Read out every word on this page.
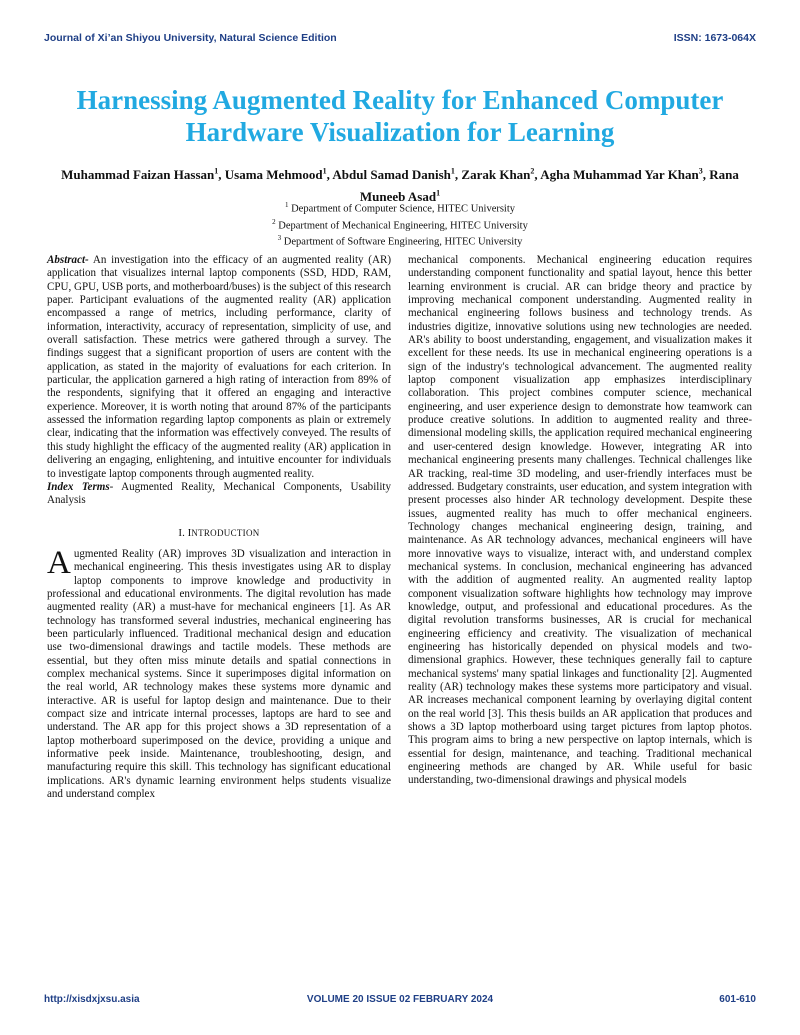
Journal of Xi’an Shiyou University, Natural Science Edition	ISSN: 1673-064X
Harnessing Augmented Reality for Enhanced Computer Hardware Visualization for Learning
Muhammad Faizan Hassan$^1$, Usama Mehmood$^1$, Abdul Samad Danish$^1$, Zarak Khan$^2$, Agha Muhammad Yar Khan$^3$, Rana Muneeb Asad$^1$
$^1$ Department of Computer Science, HITEC University
$^2$ Department of Mechanical Engineering, HITEC University
$^3$ Department of Software Engineering, HITEC University

Abstract- An investigation into the efficacy of an augmented reality (AR) application that visualizes internal laptop components (SSD, HDD, RAM, CPU, GPU, USB ports, and motherboard/buses) is the subject of this research paper. Participant evaluations of the augmented reality (AR) application encompassed a range of metrics, including performance, clarity of information, interactivity, accuracy of representation, simplicity of use, and overall satisfaction. These metrics were gathered through a survey. The findings suggest that a significant proportion of users are content with the application, as stated in the majority of evaluations for each criterion. In particular, the application garnered a high rating of interaction from 89% of the respondents, signifying that it offered an engaging and interactive experience. Moreover, it is worth noting that around 87% of the participants assessed the information regarding laptop components as plain or extremely clear, indicating that the information was effectively conveyed. The results of this study highlight the efficacy of the augmented reality (AR) application in delivering an engaging, enlightening, and intuitive encounter for individuals to investigate laptop components through augmented reality.

Index Terms- Augmented Reality, Mechanical Components, Usability Analysis

I. INTRODUCTION

Augmented Reality (AR) improves 3D visualization and interaction in mechanical engineering. This thesis investigates using AR to display laptop components to improve knowledge and productivity in professional and educational environments. The digital revolution has made augmented reality (AR) a must-have for mechanical engineers [1]. As AR technology has transformed several industries, mechanical engineering has been particularly influenced. Traditional mechanical design and education use two-dimensional drawings and tactile models. These methods are essential, but they often miss minute details and spatial connections in complex mechanical systems. Since it superimposes digital information on the real world, AR technology makes these systems more dynamic and interactive. AR is useful for laptop design and maintenance. Due to their compact size and intricate internal processes, laptops are hard to see and understand. The AR app for this project shows a 3D representation of a laptop motherboard superimposed on the device, providing a unique and informative peek inside. Maintenance, troubleshooting, design, and manufacturing require this skill. This technology has significant educational implications. AR's dynamic learning environment helps students visualize and understand complex

mechanical components. Mechanical engineering education requires understanding component functionality and spatial layout, hence this better learning environment is crucial. AR can bridge theory and practice by improving mechanical component understanding. Augmented reality in mechanical engineering follows business and technology trends. As industries digitize, innovative solutions using new technologies are needed. AR's ability to boost understanding, engagement, and visualization makes it excellent for these needs. Its use in mechanical engineering operations is a sign of the industry's technological advancement. The augmented reality laptop component visualization app emphasizes interdisciplinary collaboration. This project combines computer science, mechanical engineering, and user experience design to demonstrate how teamwork can produce creative solutions. In addition to augmented reality and three-dimensional modeling skills, the application required mechanical engineering and user-centered design knowledge. However, integrating AR into mechanical engineering presents many challenges. Technical challenges like AR tracking, real-time 3D modeling, and user-friendly interfaces must be addressed. Budgetary constraints, user education, and system integration with present processes also hinder AR technology development. Despite these issues, augmented reality has much to offer mechanical engineers. Technology changes mechanical engineering design, training, and maintenance. As AR technology advances, mechanical engineers will have more innovative ways to visualize, interact with, and understand complex mechanical systems. In conclusion, mechanical engineering has advanced with the addition of augmented reality. An augmented reality laptop component visualization software highlights how technology may improve knowledge, output, and professional and educational procedures. As the digital revolution transforms businesses, AR is crucial for mechanical engineering efficiency and creativity. The visualization of mechanical engineering has historically depended on physical models and two-dimensional graphics. However, these techniques generally fail to capture mechanical systems' many spatial linkages and functionality [2]. Augmented reality (AR) technology makes these systems more participatory and visual. AR increases mechanical component learning by overlaying digital content on the real world [3]. This thesis builds an AR application that produces and shows a 3D laptop motherboard using target pictures from laptop photos. This program aims to bring a new perspective on laptop internals, which is essential for design, maintenance, and teaching. Traditional mechanical engineering methods are changed by AR. While useful for basic understanding, two-dimensional drawings and physical models

http://xisdxjxsu.asia	VOLUME 20 ISSUE 02 FEBRUARY 2024	601-610
